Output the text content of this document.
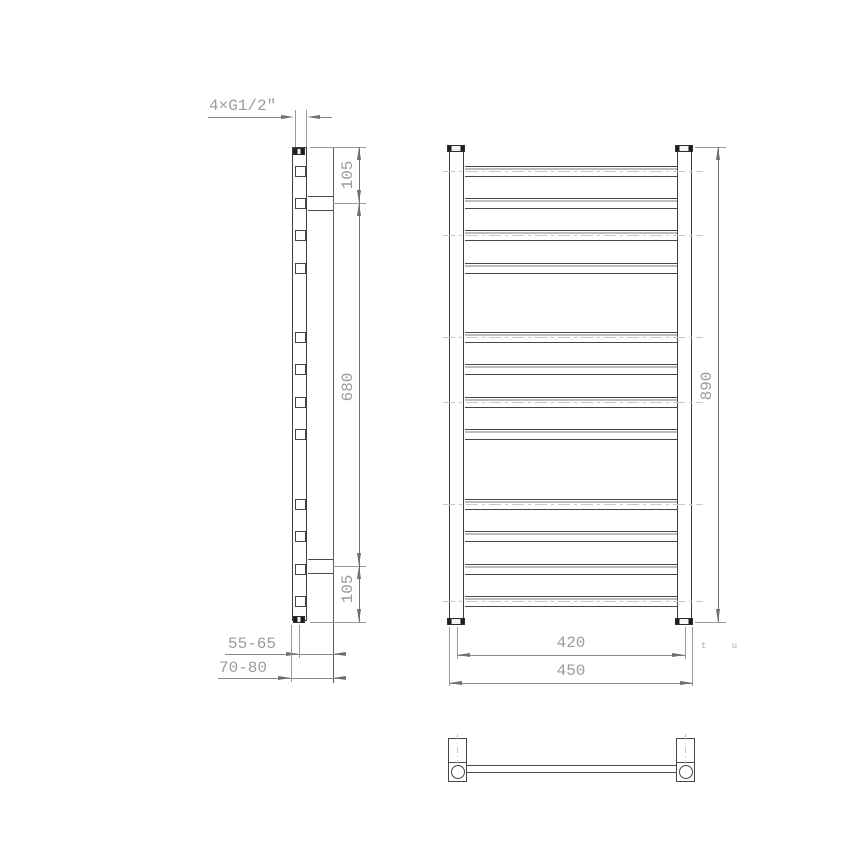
4×G1/2″
105
680
105
55-65
70-80
890
t u
420
450
